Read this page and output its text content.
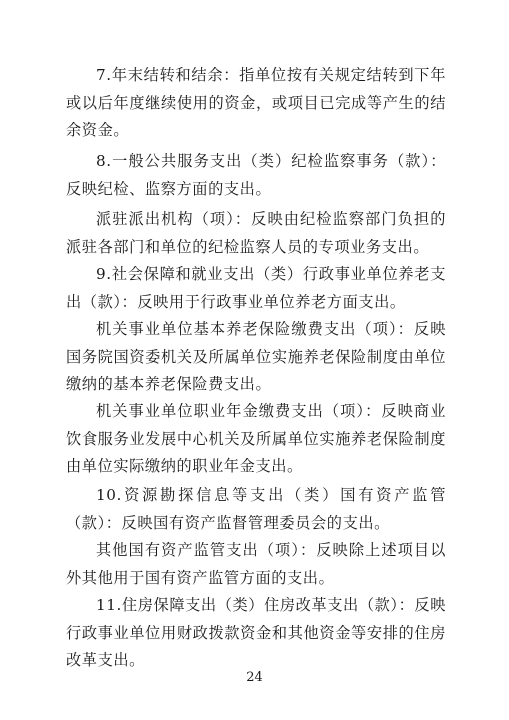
7.年末结转和结余：指单位按有关规定结转到下年或以后年度继续使用的资金，或项目已完成等产生的结余资金。

8.一般公共服务支出（类）纪检监察事务（款）：反映纪检、监察方面的支出。

派驻派出机构（项）：反映由纪检监察部门负担的派驻各部门和单位的纪检监察人员的专项业务支出。

9.社会保障和就业支出（类）行政事业单位养老支出（款）：反映用于行政事业单位养老方面支出。

机关事业单位基本养老保险缴费支出（项）：反映国务院国资委机关及所属单位实施养老保险制度由单位缴纳的基本养老保险费支出。

机关事业单位职业年金缴费支出（项）：反映商业饮食服务业发展中心机关及所属单位实施养老保险制度由单位实际缴纳的职业年金支出。

10.资源勘探信息等支出（类）国有资产监管（款）：反映国有资产监督管理委员会的支出。

其他国有资产监管支出（项）：反映除上述项目以外其他用于国有资产监管方面的支出。

11.住房保障支出（类）住房改革支出（款）：反映行政事业单位用财政拨款资金和其他资金等安排的住房改革支出。

24
